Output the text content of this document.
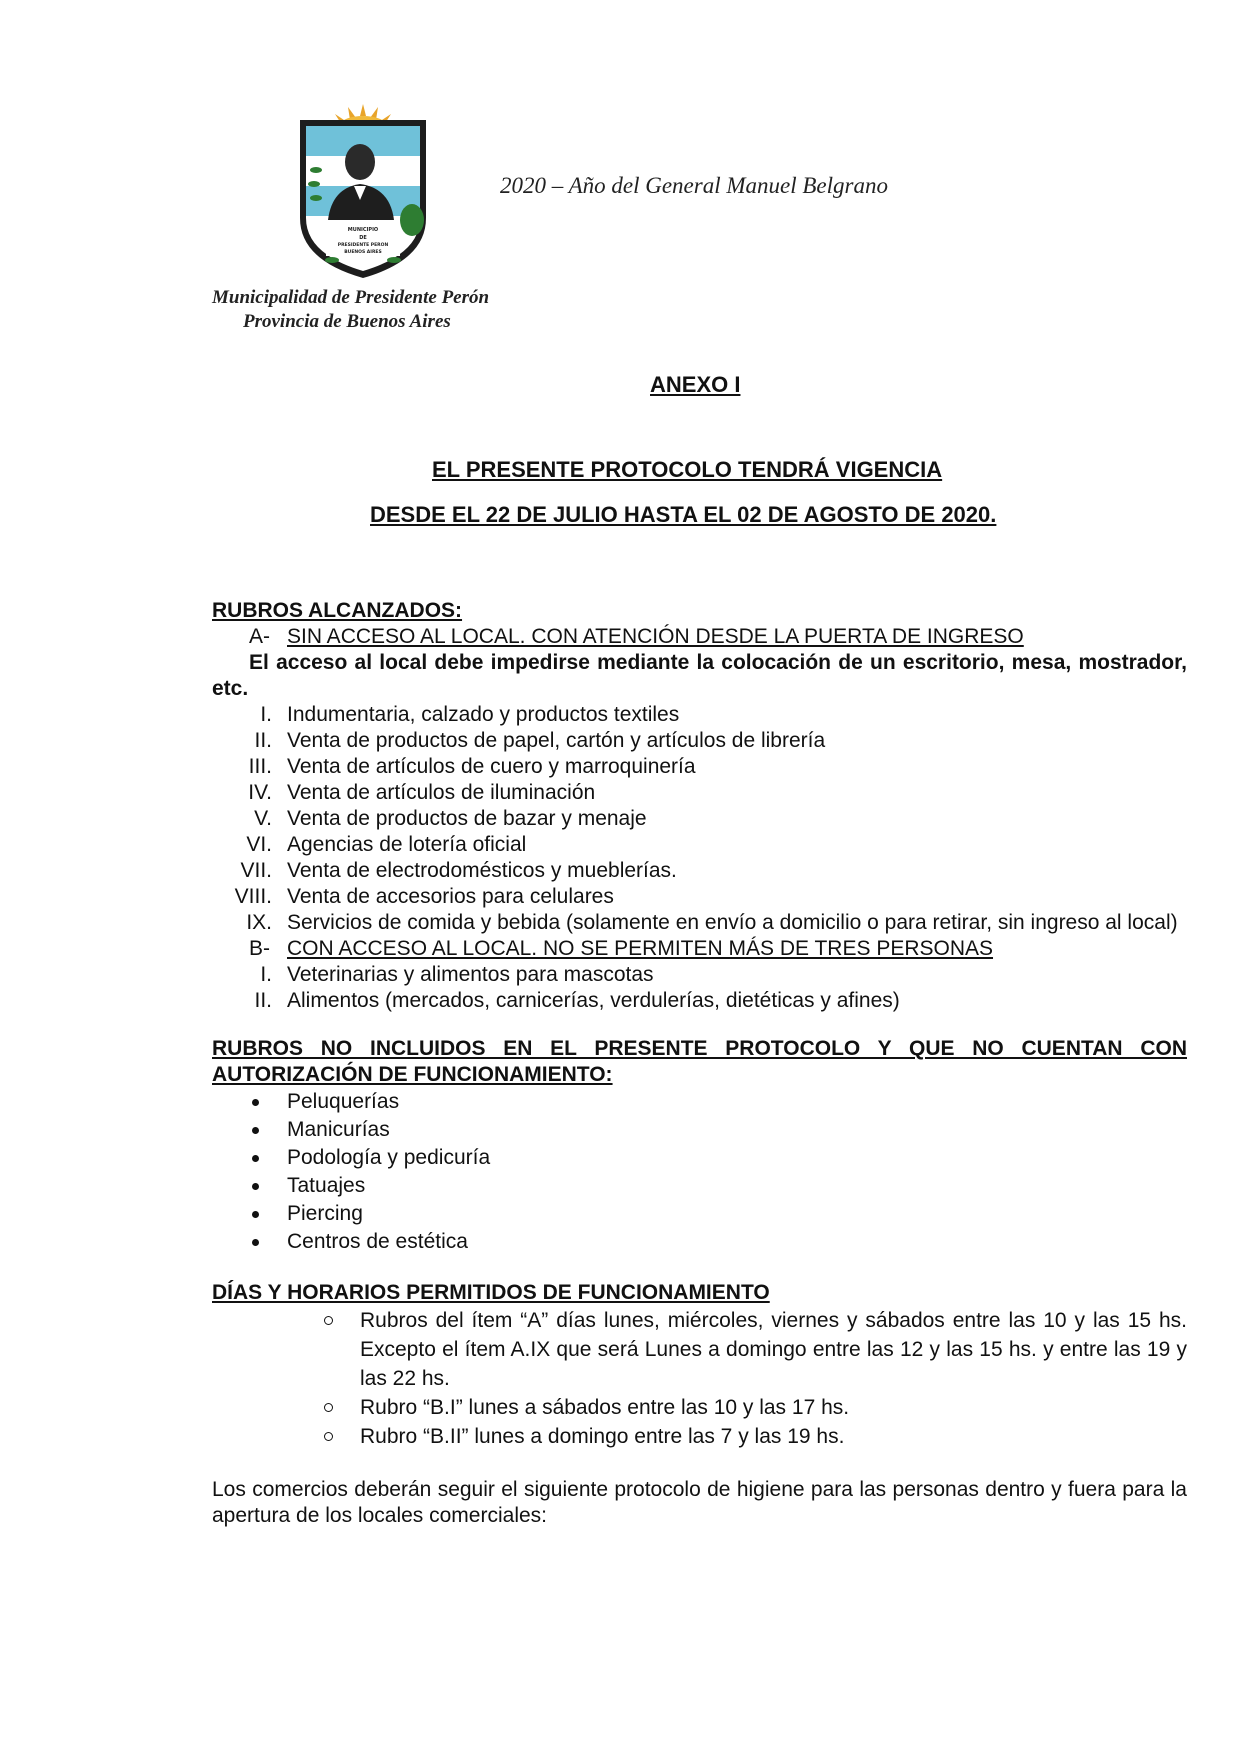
MUNICIPIO
DE
PRESIDENTE PERON
BUENOS AIRES
2020 – Año del General Manuel Belgrano
Municipalidad de Presidente Perón
Provincia de Buenos Aires
ANEXO I
EL PRESENTE PROTOCOLO TENDRÁ VIGENCIA
DESDE EL 22 DE JULIO HASTA EL 02 DE AGOSTO DE 2020.
RUBROS ALCANZADOS:
A- SIN ACCESO AL LOCAL. CON ATENCIÓN DESDE LA PUERTA DE INGRESO
El acceso al local debe impedirse mediante la colocación de un escritorio, mesa, mostrador, etc.
I. Indumentaria, calzado y productos textiles
II. Venta de productos de papel, cartón y artículos de librería
III. Venta de artículos de cuero y marroquinería
IV. Venta de artículos de iluminación
V. Venta de productos de bazar y menaje
VI. Agencias de lotería oficial
VII. Venta de electrodomésticos y mueblerías.
VIII. Venta de accesorios para celulares
IX. Servicios de comida y bebida (solamente en envío a domicilio o para retirar, sin ingreso al local)
B- CON ACCESO AL LOCAL. NO SE PERMITEN MÁS DE TRES PERSONAS
I. Veterinarias y alimentos para mascotas
II. Alimentos (mercados, carnicerías, verdulerías, dietéticas y afines)
RUBROS NO INCLUIDOS EN EL PRESENTE PROTOCOLO Y QUE NO CUENTAN CON AUTORIZACIÓN DE FUNCIONAMIENTO:
Peluquerías
Manicurías
Podología y pedicuría
Tatuajes
Piercing
Centros de estética
DÍAS Y HORARIOS PERMITIDOS DE FUNCIONAMIENTO
Rubros del ítem “A” días lunes, miércoles, viernes y sábados entre las 10 y las 15 hs. Excepto el ítem A.IX que será Lunes a domingo entre las 12 y las 15 hs. y entre las 19 y las 22 hs.
Rubro “B.I” lunes a sábados entre las 10 y las 17 hs.
Rubro “B.II” lunes a domingo entre las 7 y las 19 hs.
Los comercios deberán seguir el siguiente protocolo de higiene para las personas dentro y fuera para la apertura de los locales comerciales:
